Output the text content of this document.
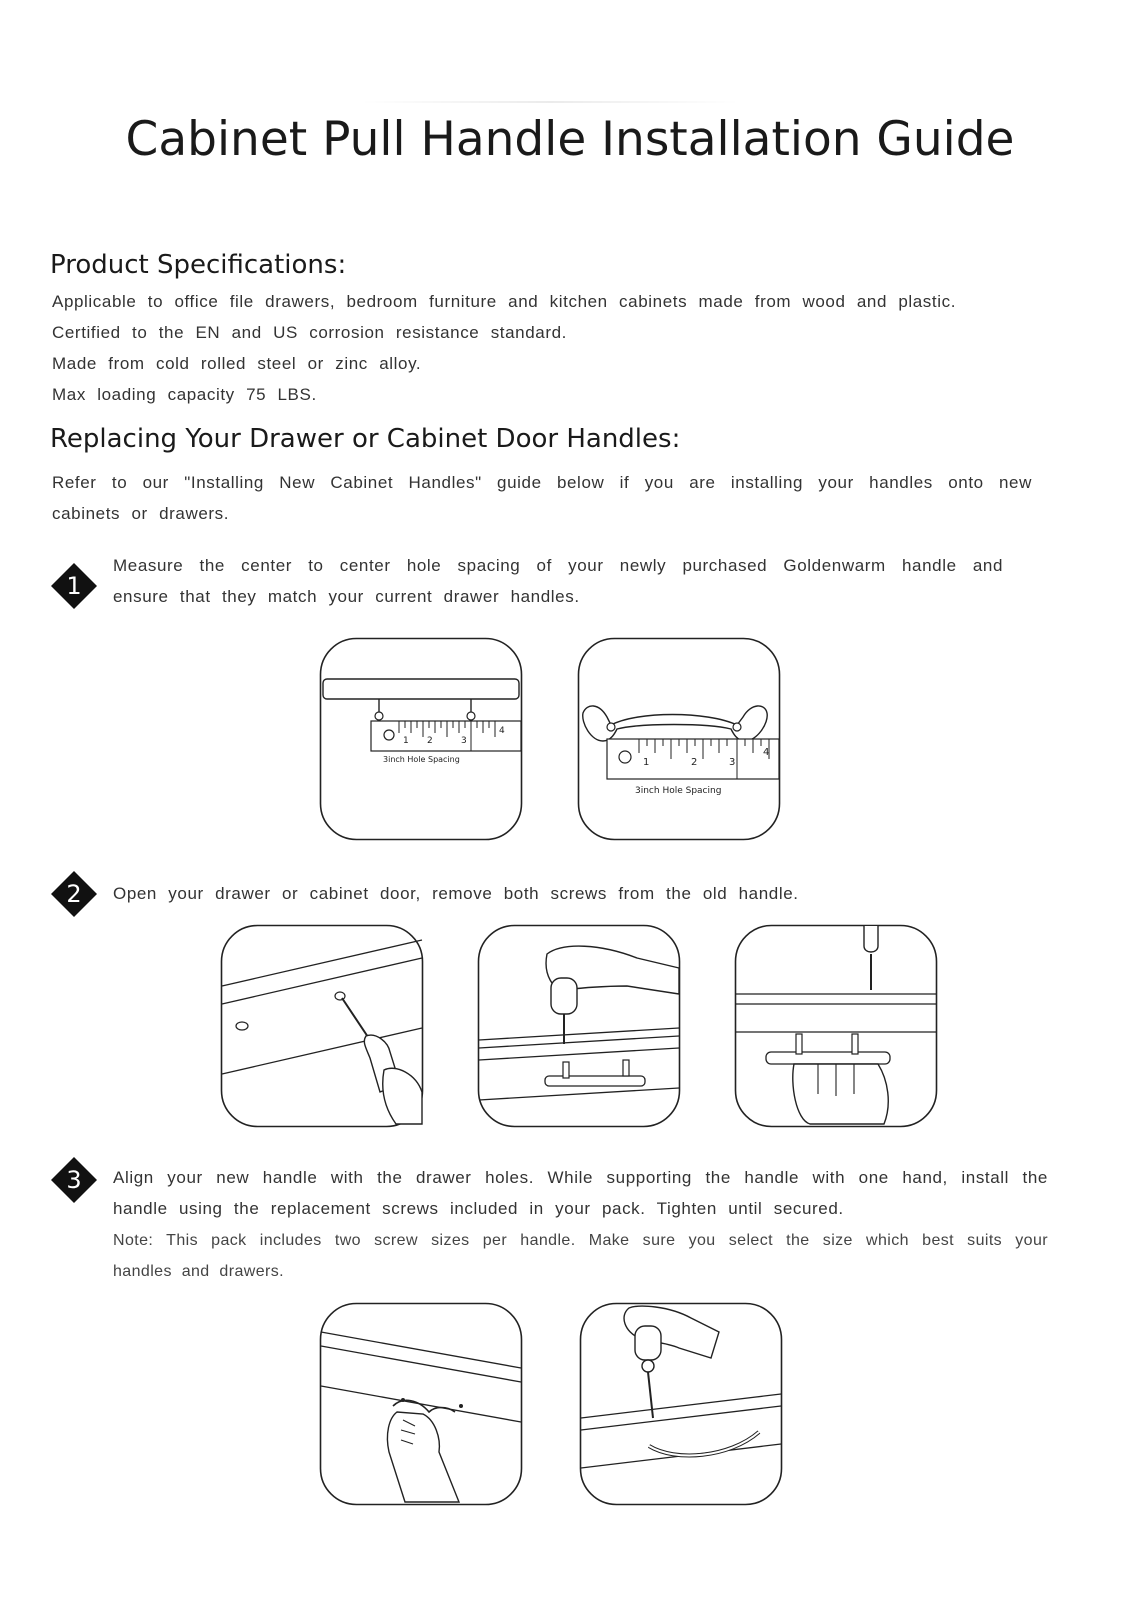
Cabinet Pull Handle Installation Guide
Product Specifications:
Applicable to office file drawers, bedroom furniture and kitchen cabinets made from wood and plastic.
Certified to the EN and US corrosion resistance standard.
Made from cold rolled steel or zinc alloy.
Max loading capacity 75 LBS.
Replacing Your Drawer or Cabinet Door Handles:
Refer to our "Installing New Cabinet Handles" guide below if you are installing your handles onto new cabinets or drawers.
1
Measure the center to center hole spacing of your newly purchased Goldenwarm handle and ensure that they match your current drawer handles.
1 2	3
4
3inch Hole Spacing	1	2	3
4
3inch Hole Spacing
2	Open your drawer or cabinet door, remove both screws from the old handle.
3	Align your new handle with the drawer holes. While supporting the handle with one hand, install the handle using the replacement screws included in your pack. Tighten until secured.
Note: This pack includes two screw sizes per handle. Make sure you select the size which best suits your handles and drawers.
